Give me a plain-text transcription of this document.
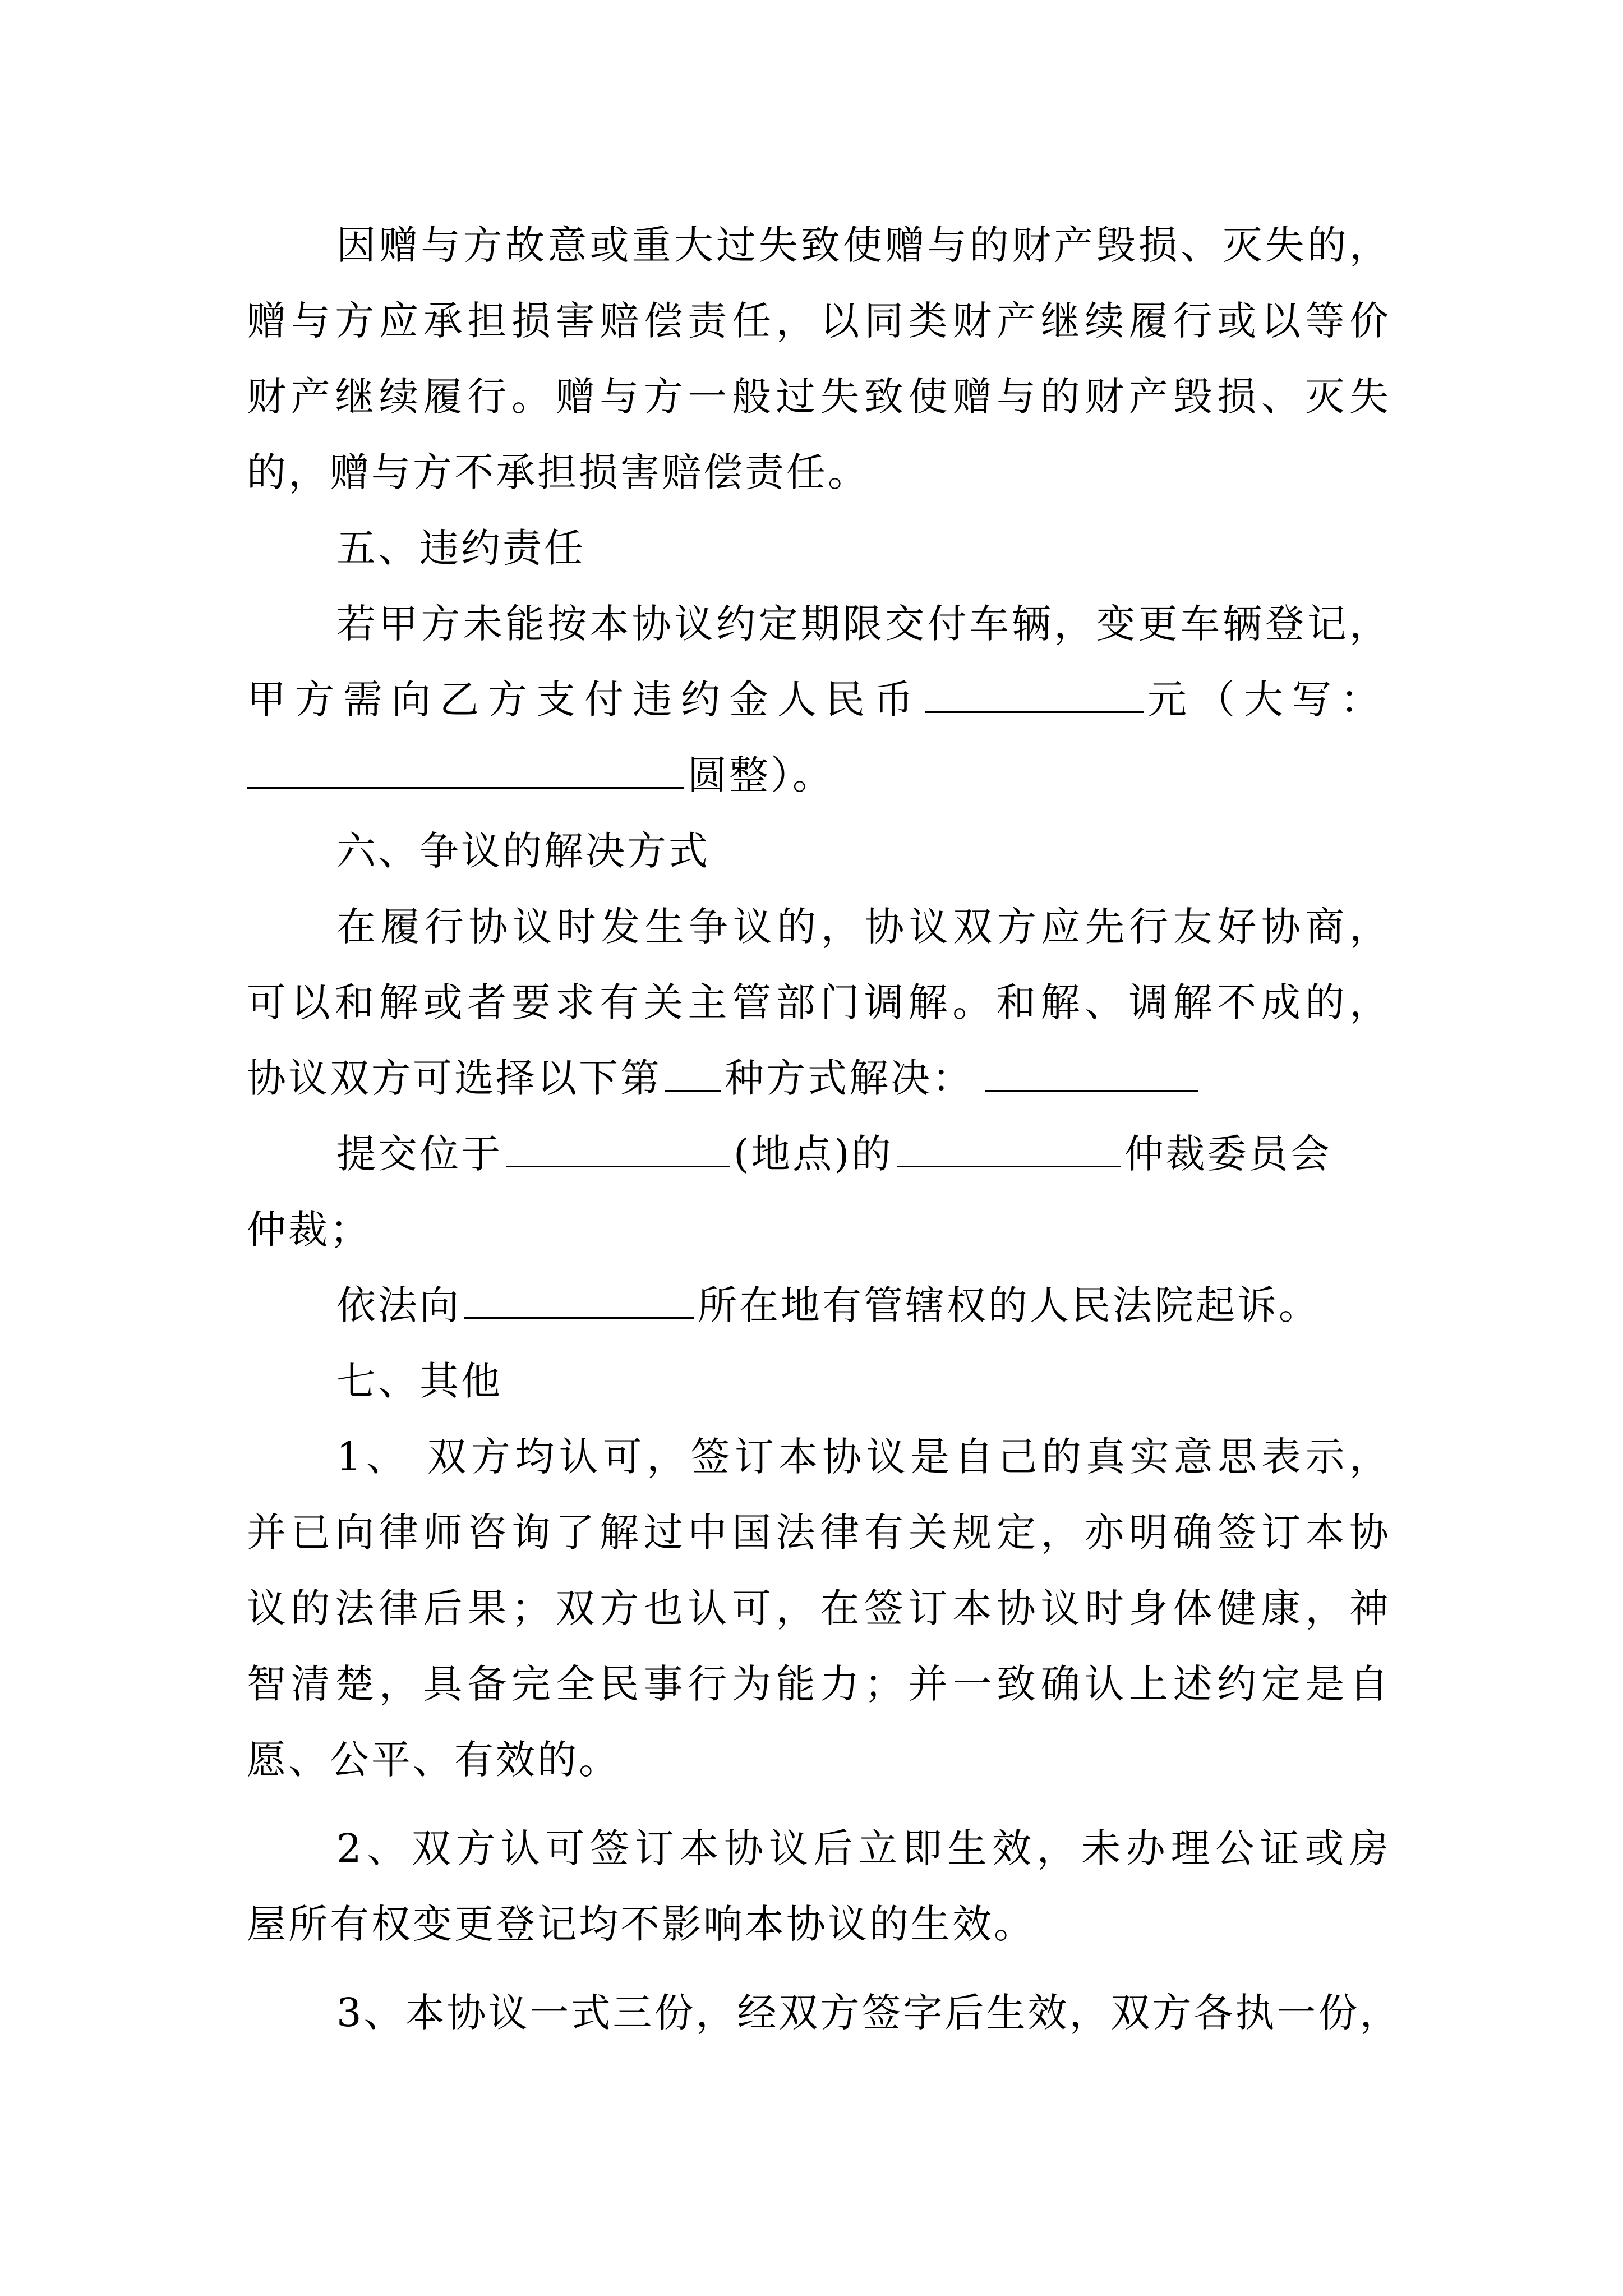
因赠与方故意或重大过失致使赠与的财产毁损、灭失的，
赠与方应承担损害赔偿责任，以同类财产继续履行或以等价
财产继续履行。赠与方一般过失致使赠与的财产毁损、灭失
的，赠与方不承担损害赔偿责任。
五、违约责任
若甲方未能按本协议约定期限交付车辆，变更车辆登记，
甲方需向乙方支付违约金人民币	元（大写：
圆整）。
六、争议的解决方式
在履行协议时发生争议的，协议双方应先行友好协商，
可以和解或者要求有关主管部门调解。和解、调解不成的，
协议双方可选择以下第 种方式解决：
提交位于	(地点)的	仲裁委员会
仲裁；
依法向	所在地有管辖权的人民法院起诉。
七、其他
1、 双方均认可，签订本协议是自己的真实意思表示，
并已向律师咨询了解过中国法律有关规定，亦明确签订本协
议的法律后果；双方也认可，在签订本协议时身体健康，神
智清楚，具备完全民事行为能力；并一致确认上述约定是自
愿、公平、有效的。
2、双方认可签订本协议后立即生效，未办理公证或房
屋所有权变更登记均不影响本协议的生效。
3、本协议一式三份，经双方签字后生效，双方各执一份，
